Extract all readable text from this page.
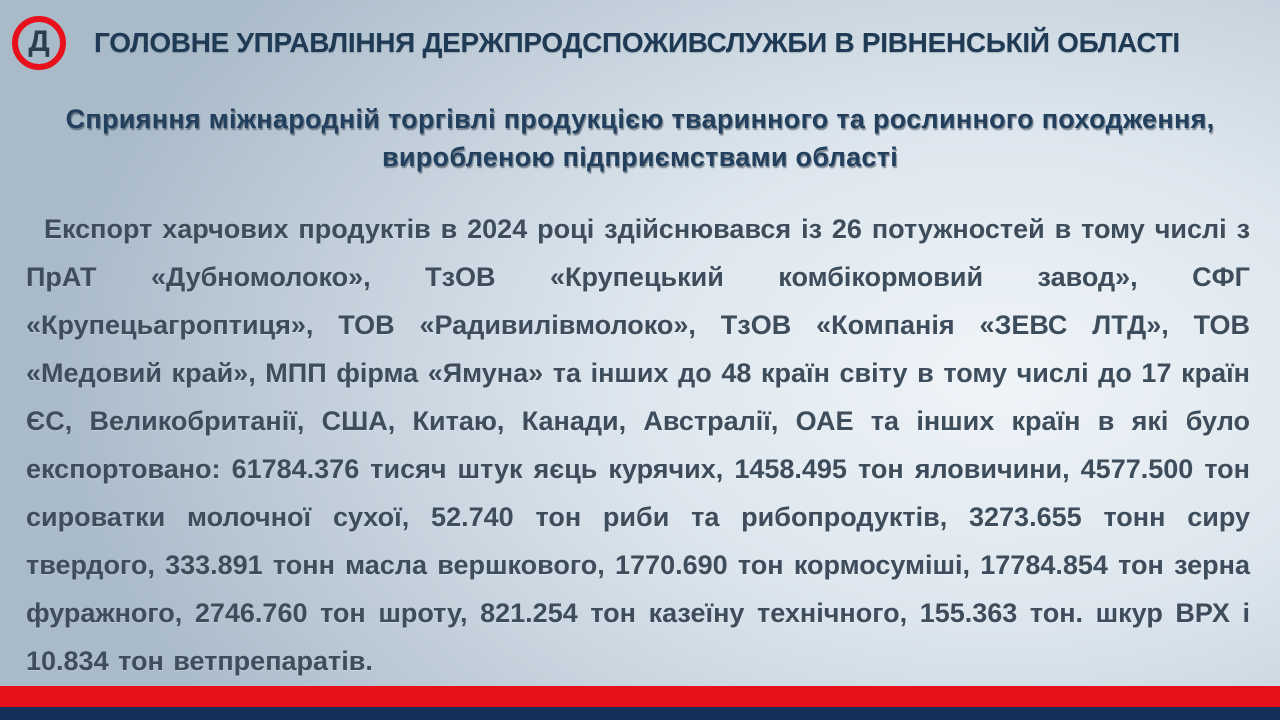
Д ГОЛОВНЕ УПРАВЛІННЯ ДЕРЖПРОДСПОЖИВСЛУЖБИ В РІВНЕНСЬКІЙ ОБЛАСТІ
Сприяння міжнародній торгівлі продукцією тваринного та рослинного походження,
виробленою підприємствами області

Експорт харчових продуктів в 2024 році здійснювався із 26 потужностей в тому числі з ПрАТ «Дубномолоко», ТзОВ «Крупецький комбікормовий завод», СФГ «Крупецьагроптиця», ТОВ «Радивилівмолоко», ТзОВ «Компанія «ЗЕВС ЛТД», ТОВ «Медовий край», МПП фірма «Ямуна» та інших до 48 країн світу в тому числі до 17 країн ЄС, Великобританії, США, Китаю, Канади, Австралії, ОАЕ та інших країн в які було експортовано: 61784.376 тисяч штук яєць курячих, 1458.495 тон яловичини, 4577.500 тон сироватки молочної сухої, 52.740 тон риби та рибопродуктів, 3273.655 тонн сиру твердого, 333.891 тонн масла вершкового, 1770.690 тон кормосуміші, 17784.854 тон зерна фуражного, 2746.760 тон шроту, 821.254 тон казеїну технічного, 155.363 тон. шкур ВРХ і 10.834 тон ветпрепаратів.
